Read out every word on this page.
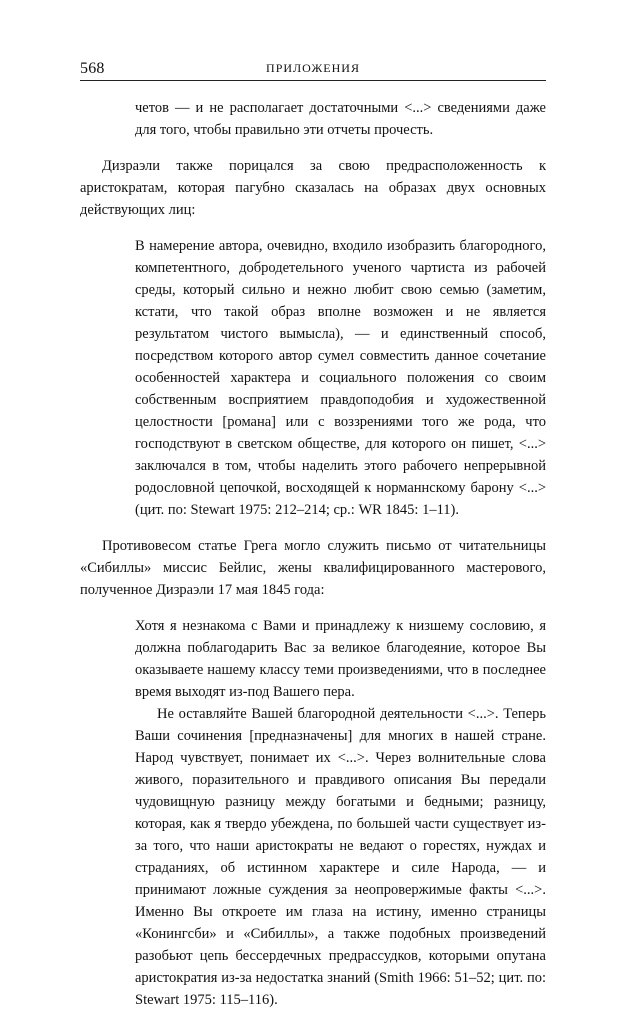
568	ПРИЛОЖЕНИЯ

четов — и не располагает достаточными <...> сведениями даже для того, чтобы правильно эти отчеты прочесть.

Дизраэли также порицался за свою предрасположенность к аристократам, которая пагубно сказалась на образах двух основных действующих лиц:

В намерение автора, очевидно, входило изобразить благородного, компетентного, добродетельного ученого чартиста из рабочей среды, который сильно и нежно любит свою семью (заметим, кстати, что такой образ вполне возможен и не является результатом чистого вымысла), — и единственный способ, посредством которого автор сумел совместить данное сочетание особенностей характера и социального положения со своим собственным восприятием правдоподобия и художественной целостности [романа] или с воззрениями того же рода, что господствуют в светском обществе, для которого он пишет, <...> заключался в том, чтобы наделить этого рабочего непрерывной родословной цепочкой, восходящей к норманнскому барону <...> (цит. по: Stewart 1975: 212–214; ср.: WR 1845: 1–11).

Противовесом статье Грега могло служить письмо от читательницы «Сибиллы» миссис Бейлис, жены квалифицированного мастерового, полученное Дизраэли 17 мая 1845 года:

Хотя я незнакома с Вами и принадлежу к низшему сословию, я должна поблагодарить Вас за великое благодеяние, которое Вы оказываете нашему классу теми произведениями, что в последнее время выходят из-под Вашего пера.

Не оставляйте Вашей благородной деятельности <...>. Теперь Ваши сочинения [предназначены] для многих в нашей стране. Народ чувствует, понимает их <...>. Через волнительные слова живого, поразительного и правдивого описания Вы передали чудовищную разницу между богатыми и бедными; разницу, которая, как я твердо убеждена, по большей части существует из-за того, что наши аристократы не ведают о горестях, нуждах и страданиях, об истинном характере и силе Народа, — и принимают ложные суждения за неопровержимые факты <...>. Именно Вы откроете им глаза на истину, именно страницы «Конингсби» и «Сибиллы», а также подобных произведений разобьют цепь бессердечных предрассудков, которыми опутана аристократия из-за недостатка знаний (Smith 1966: 51–52; цит. по: Stewart 1975: 115–116).
